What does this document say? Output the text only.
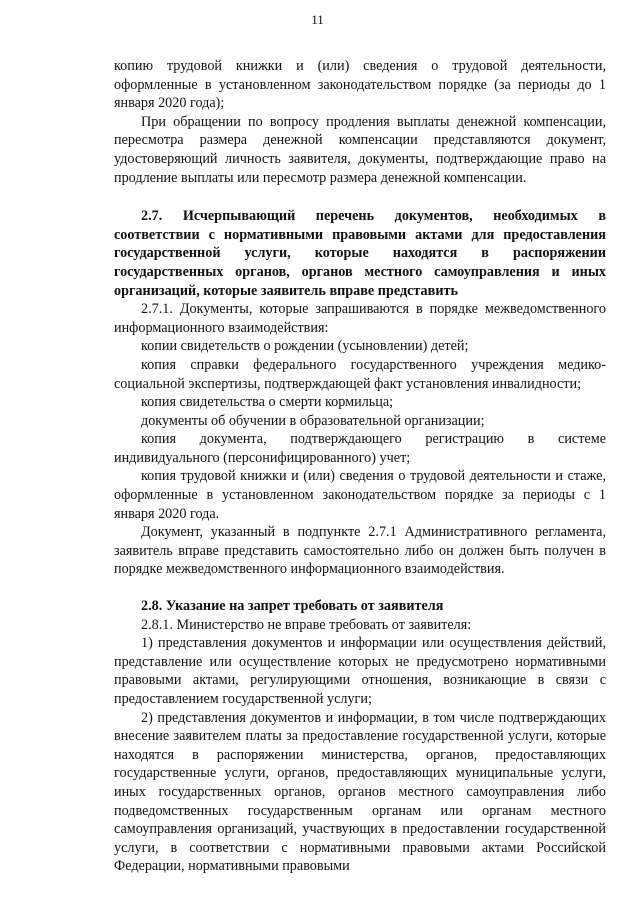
11

копию трудовой книжки и (или) сведения о трудовой деятельности, оформленные в установленном законодательством порядке (за периоды до 1 января 2020 года);

При обращении по вопросу продления выплаты денежной компенсации, пересмотра размера денежной компенсации представляются документ, удостоверяющий личность заявителя, документы, подтверждающие право на продление выплаты или пересмотр размера денежной компенсации.

2.7. Исчерпывающий перечень документов, необходимых в соответствии с нормативными правовыми актами для предоставления государственной услуги, которые находятся в распоряжении государственных органов, органов местного самоуправления и иных организаций, которые заявитель вправе представить

2.7.1. Документы, которые запрашиваются в порядке межведомственного информационного взаимодействия:

копии свидетельств о рождении (усыновлении) детей;

копия справки федерального государственного учреждения медико-социальной экспертизы, подтверждающей факт установления инвалидности;

копия свидетельства о смерти кормильца;

документы об обучении в образовательной организации;

копия документа, подтверждающего регистрацию в системе индивидуального (персонифицированного) учет;

копия трудовой книжки и (или) сведения о трудовой деятельности и стаже, оформленные в установленном законодательством порядке за периоды с 1 января 2020 года.

Документ, указанный в подпункте 2.7.1 Административного регламента, заявитель вправе представить самостоятельно либо он должен быть получен в порядке межведомственного информационного взаимодействия.

2.8. Указание на запрет требовать от заявителя

2.8.1. Министерство не вправе требовать от заявителя:

1) представления документов и информации или осуществления действий, представление или осуществление которых не предусмотрено нормативными правовыми актами, регулирующими отношения, возникающие в связи с предоставлением государственной услуги;

2) представления документов и информации, в том числе подтверждающих внесение заявителем платы за предоставление государственной услуги, которые находятся в распоряжении министерства, органов, предоставляющих государственные услуги, органов, предоставляющих муниципальные услуги, иных государственных органов, органов местного самоуправления либо подведомственных государственным органам или органам местного самоуправления организаций, участвующих в предоставлении государственной услуги, в соответствии с нормативными правовыми актами Российской Федерации, нормативными правовыми
